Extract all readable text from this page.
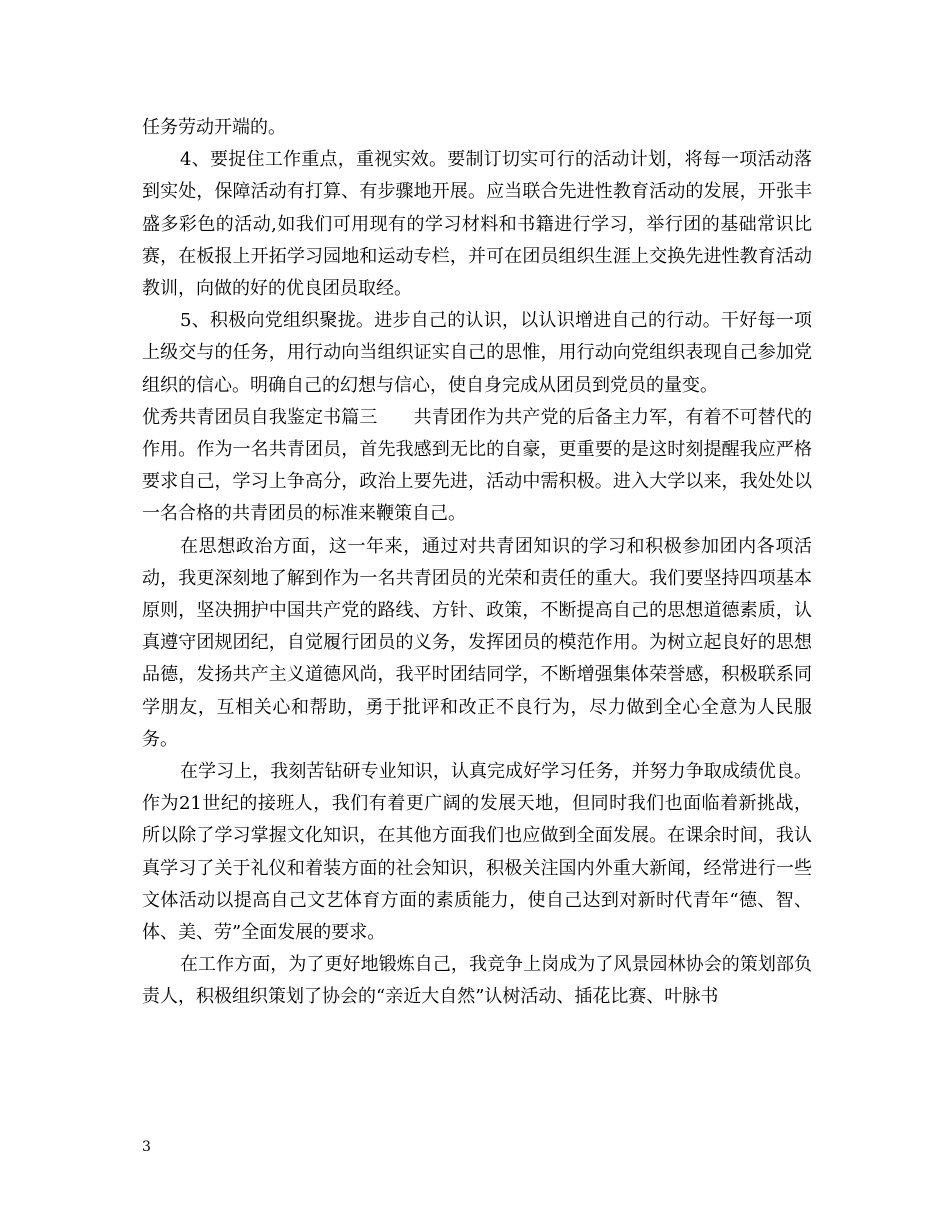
任务劳动开端的。

4、要捉住工作重点，重视实效。要制订切实可行的活动计划，将每一项活动落到实处，保障活动有打算、有步骤地开展。应当联合先进性教育活动的发展，开张丰盛多彩色的活动,如我们可用现有的学习材料和书籍进行学习，举行团的基础常识比赛，在板报上开拓学习园地和运动专栏，并可在团员组织生涯上交换先进性教育活动教训，向做的好的优良团员取经。

5、积极向党组织聚拢。进步自己的认识，以认识增进自己的行动。干好每一项上级交与的任务，用行动向当组织证实自己的思惟，用行动向党组织表现自己参加党组织的信心。明确自己的幻想与信心，使自身完成从团员到党员的量变。

优秀共青团员自我鉴定书篇三　　共青团作为共产党的后备主力军，有着不可替代的作用。作为一名共青团员，首先我感到无比的自豪，更重要的是这时刻提醒我应严格要求自己，学习上争高分，政治上要先进，活动中需积极。进入大学以来，我处处以一名合格的共青团员的标准来鞭策自己。

在思想政治方面，这一年来，通过对共青团知识的学习和积极参加团内各项活动，我更深刻地了解到作为一名共青团员的光荣和责任的重大。我们要坚持四项基本原则，坚决拥护中国共产党的路线、方针、政策，不断提高自己的思想道德素质，认真遵守团规团纪，自觉履行团员的义务，发挥团员的模范作用。为树立起良好的思想品德，发扬共产主义道德风尚，我平时团结同学，不断增强集体荣誉感，积极联系同学朋友，互相关心和帮助，勇于批评和改正不良行为，尽力做到全心全意为人民服务。

在学习上，我刻苦钻研专业知识，认真完成好学习任务，并努力争取成绩优良。作为21世纪的接班人，我们有着更广阔的发展天地，但同时我们也面临着新挑战，所以除了学习掌握文化知识，在其他方面我们也应做到全面发展。在课余时间，我认真学习了关于礼仪和着装方面的社会知识，积极关注国内外重大新闻，经常进行一些文体活动以提高自己文艺体育方面的素质能力，使自己达到对新时代青年“德、智、体、美、劳”全面发展的要求。

在工作方面，为了更好地锻炼自己，我竞争上岗成为了风景园林协会的策划部负责人，积极组织策划了协会的“亲近大自然”认树活动、插花比赛、叶脉书

3
